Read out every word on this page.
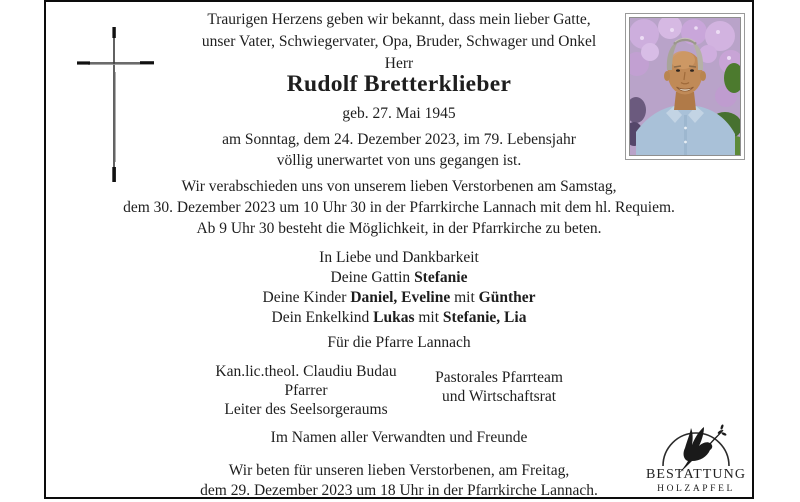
Traurigen Herzens geben wir bekannt, dass mein lieber Gatte,
unser Vater, Schwiegervater, Opa, Bruder, Schwager und Onkel
Herr
Rudolf Bretterklieber
geb. 27. Mai 1945
am Sonntag, dem 24. Dezember 2023, im 79. Lebensjahr
völlig unerwartet von uns gegangen ist.
Wir verabschieden uns von unserem lieben Verstorbenen am Samstag,
dem 30. Dezember 2023 um 10 Uhr 30 in der Pfarrkirche Lannach mit dem hl. Requiem.
Ab 9 Uhr 30 besteht die Möglichkeit, in der Pfarrkirche zu beten.
In Liebe und Dankbarkeit
Deine Gattin Stefanie
Deine Kinder Daniel, Eveline mit Günther
Dein Enkelkind Lukas mit Stefanie, Lia
Für die Pfarre Lannach
Kan.lic.theol. Claudiu Budau
Pfarrer
Leiter des Seelsorgeraums
Pastorales Pfarrteam
und Wirtschaftsrat
Im Namen aller Verwandten und Freunde
Wir beten für unseren lieben Verstorbenen, am Freitag,
dem 29. Dezember 2023 um 18 Uhr in der Pfarrkirche Lannach.
BESTATTUNG
HOLZAPFEL
